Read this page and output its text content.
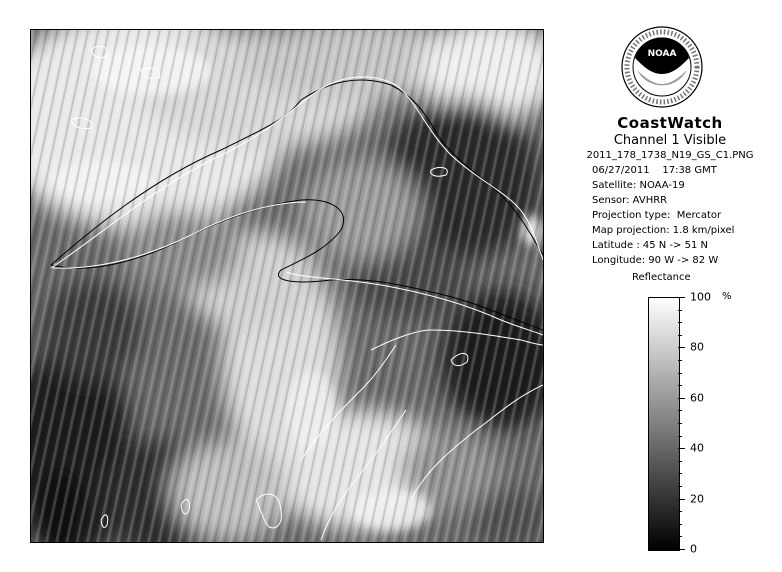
NOAA
CoastWatch
Channel 1 Visible
2011_178_1738_N19_GS_C1.PNG
06/27/2011    17:38 GMT
Satellite: NOAA-19
Sensor: AVHRR
Projection type:  Mercator
Map projection: 1.8 km/pixel
Latitude : 45 N -> 51 N
Longitude: 90 W -> 82 W
Reflectance
%
0
20
40
60
80
100
